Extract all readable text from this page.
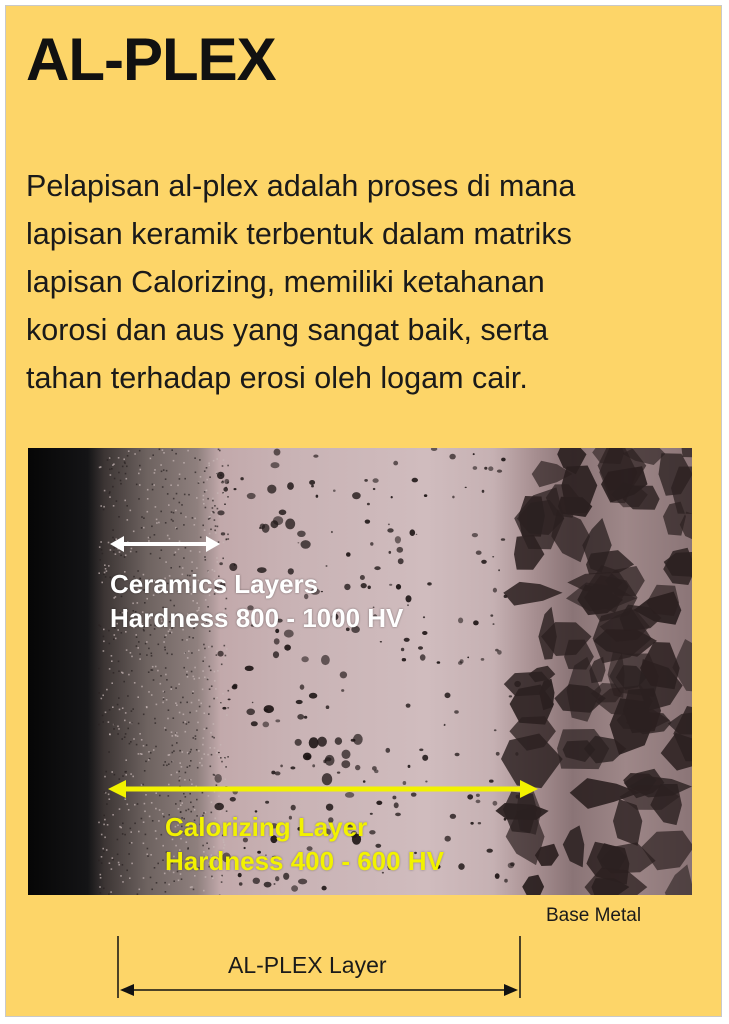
AL-PLEX
Pelapisan al-plex adalah proses di mana
lapisan keramik terbentuk dalam matriks
lapisan Calorizing, memiliki ketahanan
korosi dan aus yang sangat baik, serta
tahan terhadap erosi oleh logam cair.
Ceramics Layers
Hardness 800 - 1000 HV
Calorizing Layer
Hardness 400 - 600 HV
Base Metal
AL-PLEX Layer
